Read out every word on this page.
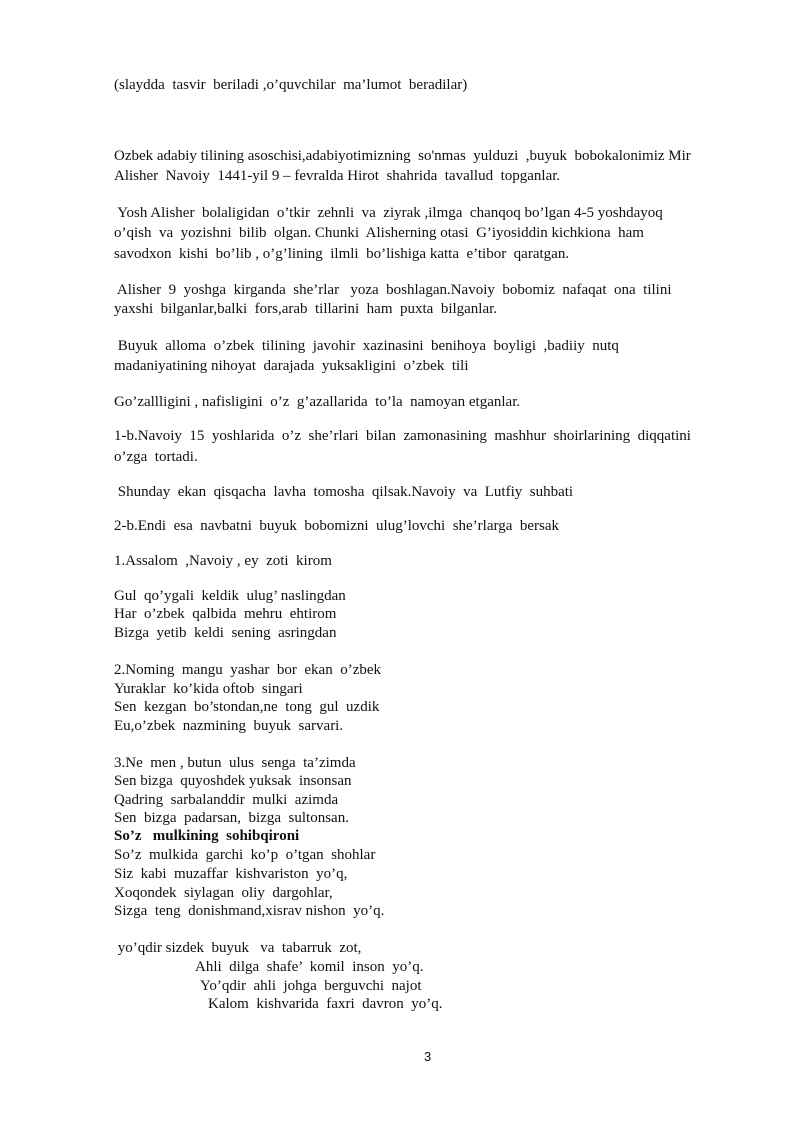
(slaydda  tasvir  beriladi ,o’quvchilar  ma’lumot  beradilar)
Ozbek adabiy tilining asoschisi,adabiyotimizning  so'nmas  yulduzi  ,buyuk  bobokalonimiz Mir
Alisher  Navoiy  1441-yil 9 – fevralda Hirot  shahrida  tavallud  topganlar.
Yosh Alisher  bolaligidan  o’tkir  zehnli  va  ziyrak ,ilmga  chanqoq bo’lgan 4-5 yoshdayoq
o’qish  va  yozishni  bilib  olgan. Chunki  Alisherning otasi  G’iyosiddin kichkiona  ham
savodxon  kishi  bo’lib , o’g’lining  ilmli  bo’lishiga katta  e’tibor  qaratgan.
Alisher  9  yoshga  kirganda  she’rlar   yoza  boshlagan.Navoiy  bobomiz  nafaqat  ona  tilini
yaxshi  bilganlar,balki  fors,arab  tillarini  ham  puxta  bilganlar.
Buyuk  alloma  o’zbek  tilining  javohir  xazinasini  benihoya  boyligi  ,badiiy  nutq
madaniyatining nihoyat  darajada  yuksakligini  o’zbek  tili
Go’zallligini , nafisligini  o’z  g’azallarida  to’la  namoyan etganlar.
1-b.Navoiy  15  yoshlarida  o’z  she’rlari  bilan  zamonasining  mashhur  shoirlarining  diqqatini
o’zga  tortadi.
Shunday  ekan  qisqacha  lavha  tomosha  qilsak.Navoiy  va  Lutfiy  suhbati
2-b.Endi  esa  navbatni  buyuk  bobomizni  ulug’lovchi  she’rlarga  bersak
1.Assalom  ,Navoiy , ey  zoti  kirom
Gul  qo’ygali  keldik  ulug’ naslingdan
Har  o’zbek  qalbida  mehru  ehtirom
Bizga  yetib  keldi  sening  asringdan
2.Noming  mangu  yashar  bor  ekan  o’zbek
Yuraklar  ko’kida oftob  singari
Sen  kezgan  bo’stondan,ne  tong  gul  uzdik
Eu,o’zbek  nazmining  buyuk  sarvari.
3.Ne  men , butun  ulus  senga  ta’zimda
Sen bizga  quyoshdek yuksak  insonsan
Qadring  sarbalanddir  mulki  azimda
Sen  bizga  padarsan,  bizga  sultonsan.
So’z   mulkining  sohibqironi
So’z  mulkida  garchi  ko’p  o’tgan  shohlar
Siz  kabi  muzaffar  kishvariston  yo’q,
Xoqondek  siylagan  oliy  dargohlar,
Sizga  teng  donishmand,xisrav nishon  yo’q.
yo’qdir sizdek  buyuk   va  tabarruk  zot,
Ahli  dilga  shafe’  komil  inson  yo’q.
Yo’qdir  ahli  johga  berguvchi  najot
Kalom  kishvarida  faxri  davron  yo’q.
3
